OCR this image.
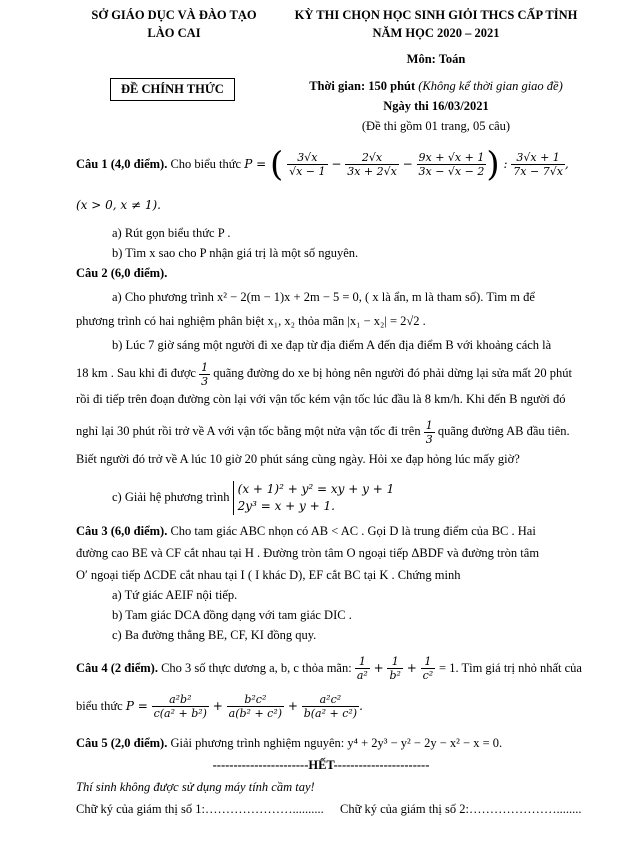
SỞ GIÁO DỤC VÀ ĐÀO TẠO
LÀO CAI
KỲ THI CHỌN HỌC SINH GIỎI THCS CẤP TỈNH
NĂM HỌC 2020 – 2021
Môn: Toán
ĐỀ CHÍNH THỨC	Thời gian: 150 phút (Không kể thời gian giao đề)
Ngày thi 16/03/2021
(Đề thi gồm 01 trang, 05 câu)
Câu 1 (4,0 điểm). Cho biểu thức P = ( $\frac{3√x}{√x - 1} - \frac{2√x}{3x + 2√x} - \frac{9x + √x + 1}{3x - √x - 2}$ ) : $\frac{3√x + 1}{7x - 7√x}$ ,
(x > 0, x ≠ 1).
a) Rút gọn biểu thức P .
b) Tìm x sao cho P nhận giá trị là một số nguyên.
Câu 2 (6,0 điểm).
a) Cho phương trình x² − 2(m − 1)x + 2m − 5 = 0, ( x là ẩn, m là tham số). Tìm m để
phương trình có hai nghiệm phân biệt x₁, x₂ thỏa mãn |x₁ − x₂| = 2√2 .
b) Lúc 7 giờ sáng một người đi xe đạp từ địa điểm A đến địa điểm B với khoảng cách là
18 km . Sau khi đi được $\frac{1}{3}$ quãng đường do xe bị hỏng nên người đó phải dừng lại sửa mất 20 phút
rồi đi tiếp trên đoạn đường còn lại với vận tốc kém vận tốc lúc đầu là 8 km/h. Khi đến B người đó
nghỉ lại 30 phút rồi trở về A với vận tốc bằng một nửa vận tốc đi trên $\frac{1}{3}$ quãng đường AB đầu tiên.
Biết người đó trở về A lúc 10 giờ 20 phút sáng cùng ngày. Hỏi xe đạp hỏng lúc mấy giờ?
c) Giải hệ phương trình
(x + 1)² + y² = xy + y + 1
2y³ = x + y + 1.
Câu 3 (6,0 điểm). Cho tam giác ABC nhọn có AB < AC . Gọi D là trung điểm của BC . Hai
đường cao BE và CF cắt nhau tại H . Đường tròn tâm O ngoại tiếp ΔBDF và đường tròn tâm
O′ ngoại tiếp ΔCDE cắt nhau tại I ( I khác D), EF cắt BC tại K . Chứng minh
a) Tứ giác AEIF nội tiếp.
b) Tam giác DCA đồng dạng với tam giác DIC .
c) Ba đường thẳng BE, CF, KI đồng quy.
Câu 4 (2 điểm). Cho 3 số thực dương a, b, c thỏa mãn: $\frac{1}{\text{a²}} + \frac{1}{\text{b²}} + \frac{1}{\text{c²}} = 1$. Tìm giá trị nhỏ nhất của
biểu thức $P = \frac{\text{a²b²}}{\text{c(a² + b²)}} + \frac{\text{b²c²}}{\text{a(b² + c²)}} + \frac{\text{a²c²}}{\text{b(a² + c²)}}$ .
Câu 5 (2,0 điểm). Giải phương trình nghiệm nguyên: y⁴ + 2y³ − y² − 2y − x² − x = 0.
-----------------------HẾT-----------------------
Thí sinh không được sử dụng máy tính cầm tay!
Chữ ký của giám thị số 1:………………….......... Chữ ký của giám thị số 2:…………………........
